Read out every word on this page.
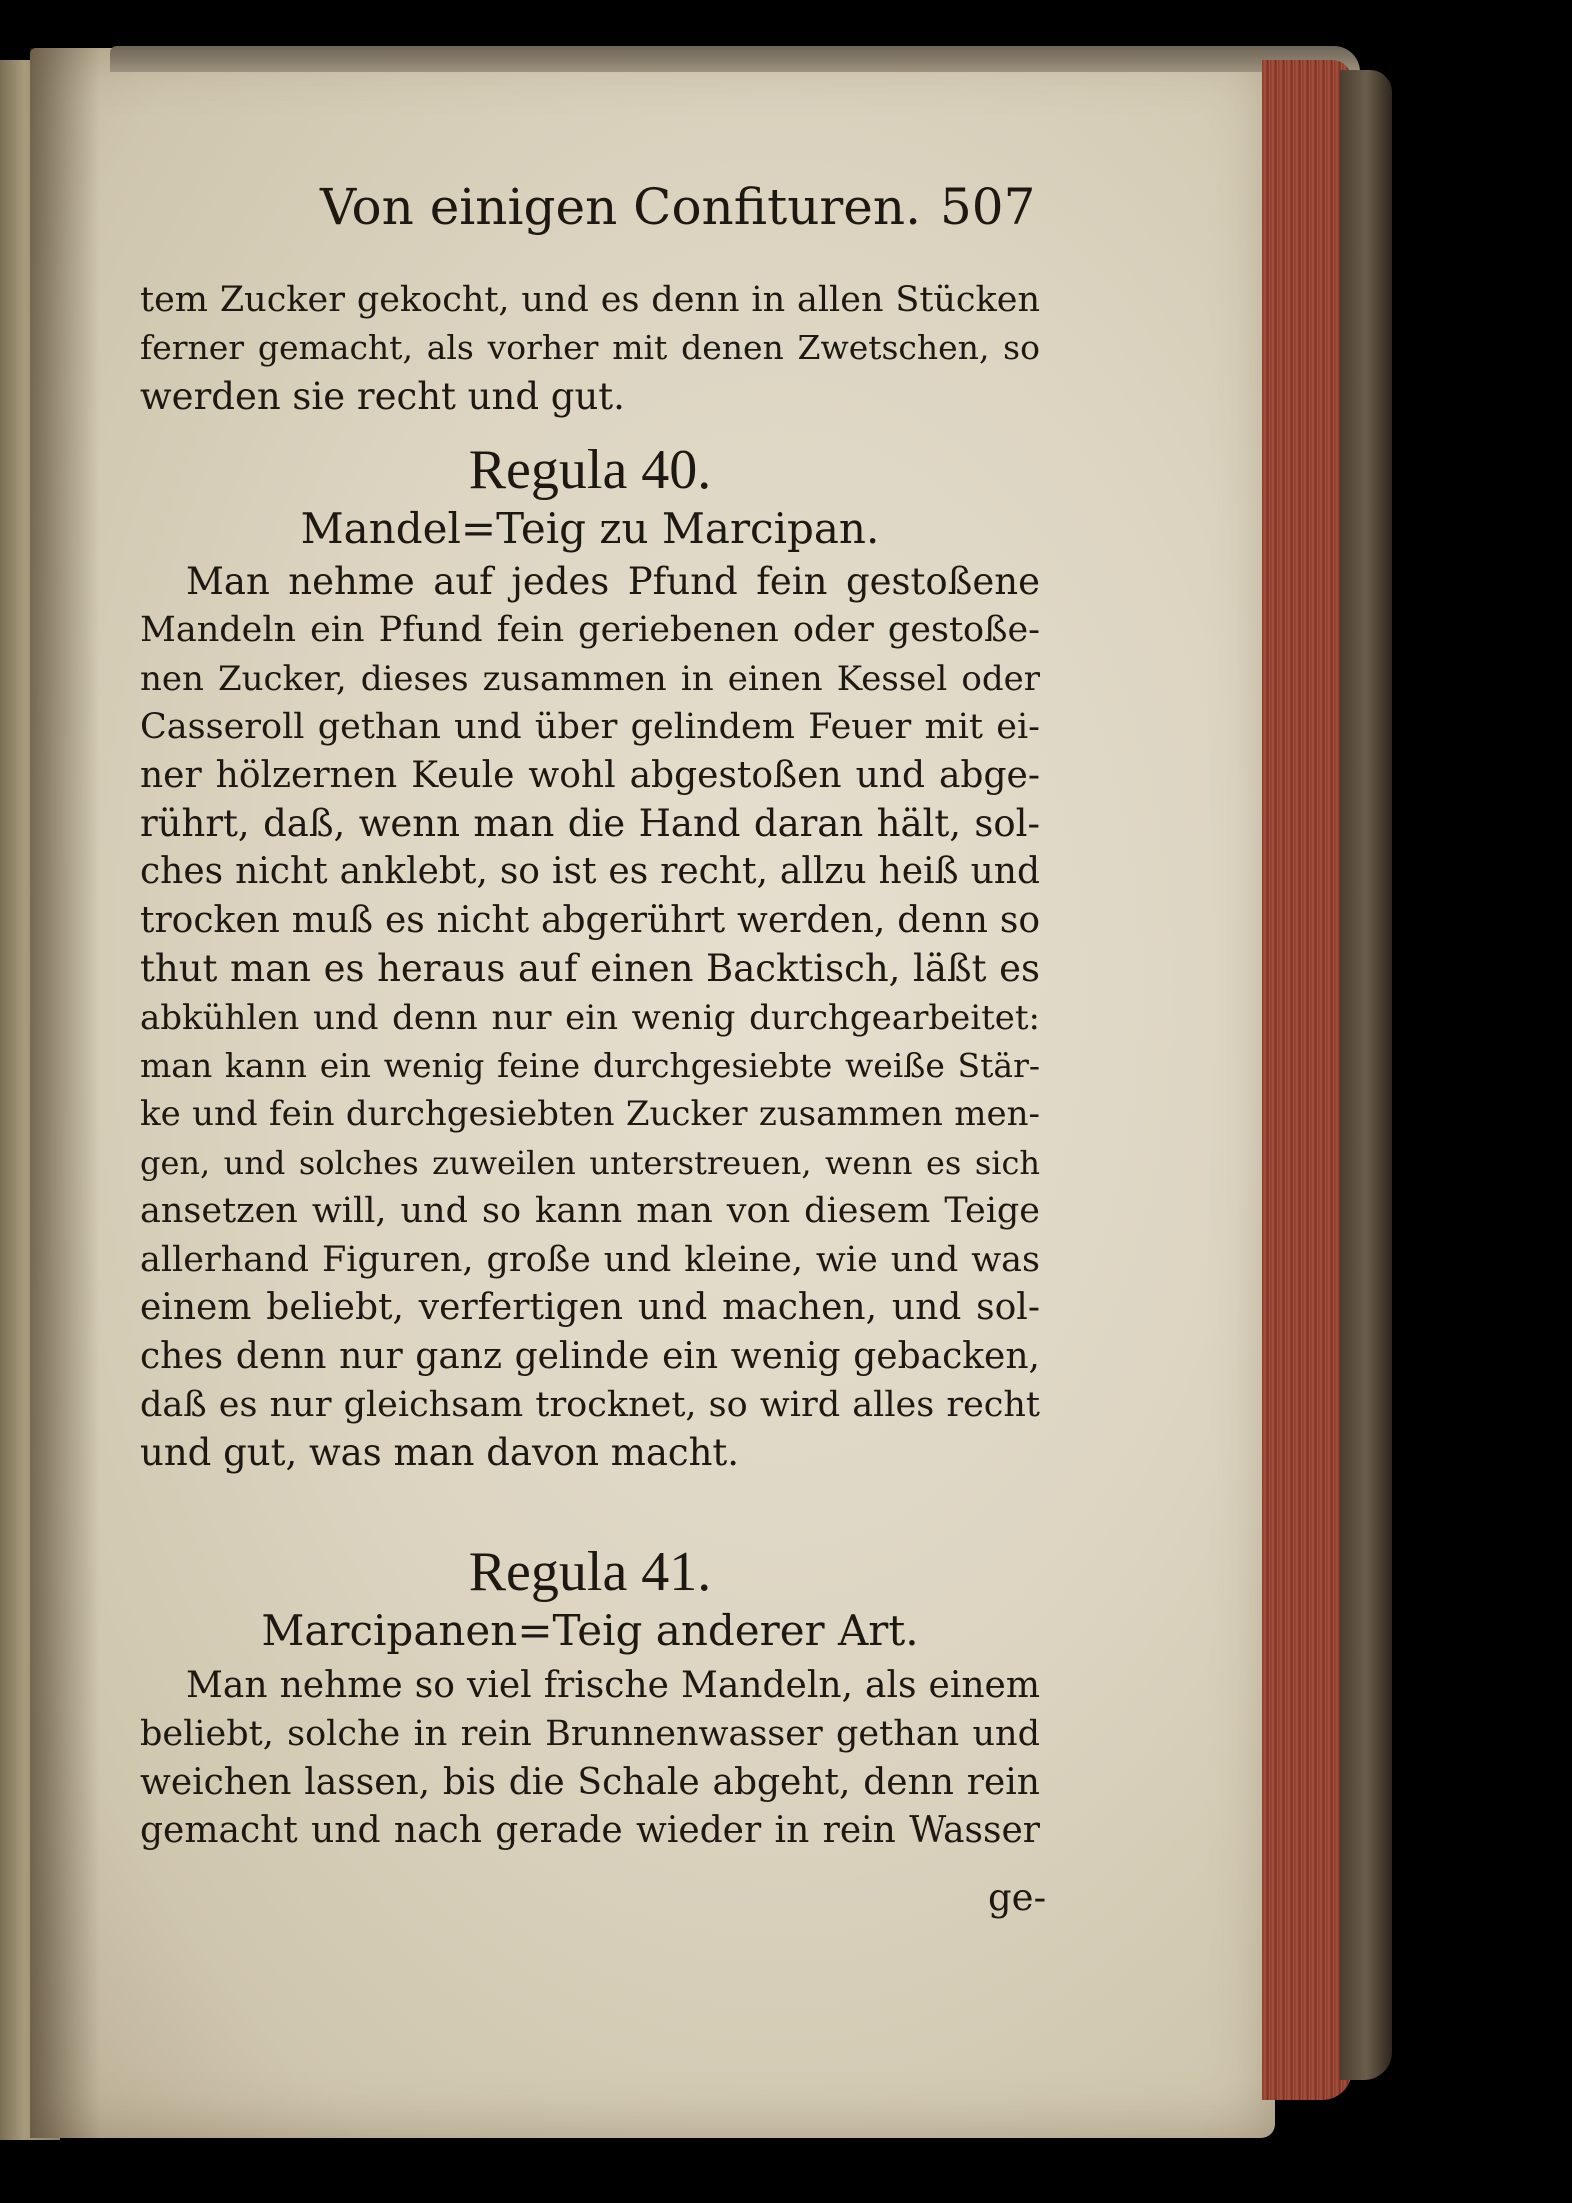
Von einigen Confituren. 507
tem Zucker gekocht, und es denn in allen Stücken
ferner gemacht, als vorher mit denen Zwetschen, so
werden sie recht und gut.
Regula 40.
Mandel=Teig zu Marcipan.
Man nehme auf jedes Pfund fein gestoßene
Mandeln ein Pfund fein geriebenen oder gestoße-
nen Zucker, dieses zusammen in einen Kessel oder
Casseroll gethan und über gelindem Feuer mit ei-
ner hölzernen Keule wohl abgestoßen und abge-
rührt, daß, wenn man die Hand daran hält, sol-
ches nicht anklebt, so ist es recht, allzu heiß und
trocken muß es nicht abgerührt werden, denn so
thut man es heraus auf einen Backtisch, läßt es
abkühlen und denn nur ein wenig durchgearbeitet:
man kann ein wenig feine durchgesiebte weiße Stär-
ke und fein durchgesiebten Zucker zusammen men-
gen, und solches zuweilen unterstreuen, wenn es sich
ansetzen will, und so kann man von diesem Teige
allerhand Figuren, große und kleine, wie und was
einem beliebt, verfertigen und machen, und sol-
ches denn nur ganz gelinde ein wenig gebacken,
daß es nur gleichsam trocknet, so wird alles recht
und gut, was man davon macht.
Regula 41.
Marcipanen=Teig anderer Art.
Man nehme so viel frische Mandeln, als einem
beliebt, solche in rein Brunnenwasser gethan und
weichen lassen, bis die Schale abgeht, denn rein
gemacht und nach gerade wieder in rein Wasser
ge-
